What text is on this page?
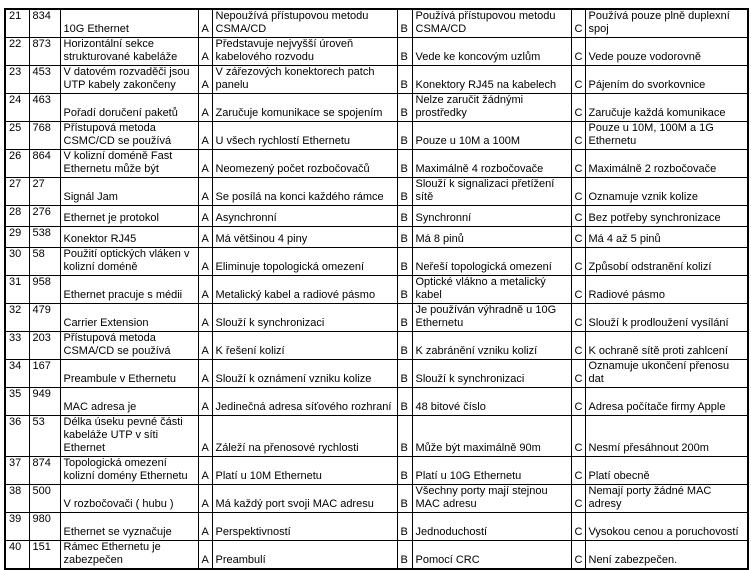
21	834	10G Ethernet	A	Nepoužívá přístupovou metodu CSMA/CD	B	Používá přístupovou metodu CSMA/CD	C	Používá pouze plně duplexní spoj
22	873	Horizontální sekce strukturované kabeláže	A	Představuje nejvyšší úroveň kabelového rozvodu	B	Vede ke koncovým uzlům	C	Vede pouze vodorovně
23	453	V datovém rozvaděči jsou UTP kabely zakončeny	A	V zářezových konektorech patch panelu	B	Konektory RJ45 na kabelech	C	Pájením do svorkovnice
24	463	Pořadí doručení paketů	A	Zaručuje komunikace se spojením	B	Nelze zaručit žádnými prostředky	C	Zaručuje každá komunikace
25	768	Přístupová metoda CSMC/CD se používá	A	U všech rychlostí Ethernetu	B	Pouze u 10M a 100M	C	Pouze u 10M, 100M a 1G Ethernetu
26	864	V kolizní doméně Fast Ethernetu může být	A	Neomezený počet rozbočovačů	B	Maximálně 4 rozbočovače	C	Maximálně 2 rozbočovače
27	27	Signál Jam	A	Se posílá na konci každého rámce	B	Slouží k signalizaci přetížení sítě	C	Oznamuje vznik kolize
28	276	Ethernet je protokol	A	Asynchronní	B	Synchronní	C	Bez potřeby synchronizace
29	538	Konektor RJ45	A	Má většinou 4 piny	B	Má 8 pinů	C	Má 4 až 5 pinů
30	58	Použití optických vláken v kolizní doméně	A	Eliminuje topologická omezení	B	Neřeší topologická omezení	C	Způsobí odstranění kolizí
31	958	Ethernet pracuje s médii	A	Metalický kabel a radiové pásmo	B	Optické vlákno a metalický kabel	C	Radiové pásmo
32	479	Carrier Extension	A	Slouží k synchronizaci	B	Je používán výhradně u 10G Ethernetu	C	Slouží k prodloužení vysílání
33	203	Přístupová metoda CSMA/CD se používá	A	K řešení kolizí	B	K zabránění vzniku kolizí	C	K ochraně sítě proti zahlcení
34	167	Preambule v Ethernetu	A	Slouží k oznámení vzniku kolize	B	Slouží k synchronizaci	C	Oznamuje ukončení přenosu dat
35	949	MAC adresa je	A	Jedinečná adresa síťového rozhraní	B	48 bitové číslo	C	Adresa počítače firmy Apple
36	53	Délka úseku pevné části kabeláže UTP v síti Ethernet	A	Záleží na přenosové rychlosti	B	Může být maximálně 90m	C	Nesmí přesáhnout 200m
37	874	Topologická omezení kolizní domény Ethernetu	A	Platí u 10M Ethernetu	B	Platí u 10G Ethernetu	C	Platí obecně
38	500	V rozbočovači ( hubu )	A	Má každý port svoji MAC adresu	B	Všechny porty mají stejnou MAC adresu	C	Nemají porty žádné MAC adresy
39	980	Ethernet se vyznačuje	A	Perspektivností	B	Jednoduchostí	C	Vysokou cenou a poruchovostí
40	151	Rámec Ethernetu je zabezpečen	A	Preambulí	B	Pomocí CRC	C	Není zabezpečen.
